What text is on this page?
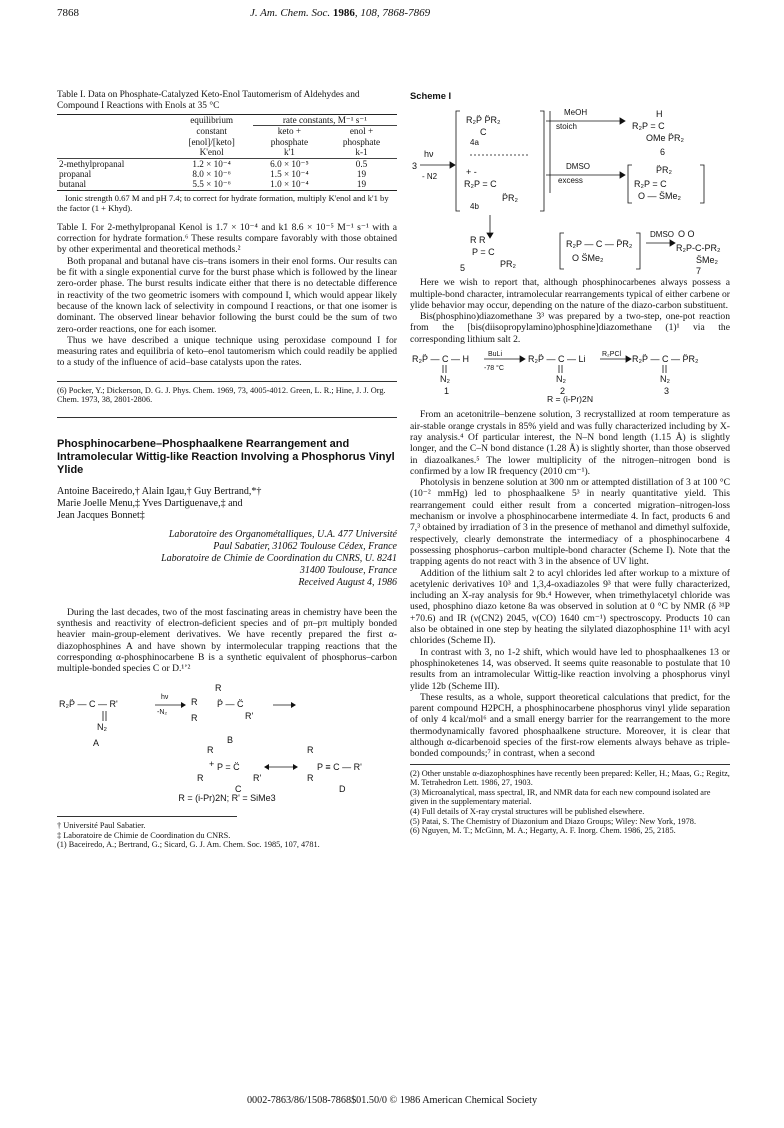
7868	J. Am. Chem. Soc. 1986, 108, 7868-7869
Table I. Data on Phosphate-Catalyzed Keto-Enol Tautomerism of Aldehydes and Compound I Reactions with Enols at 35 °C

	equilibrium	rate constants, M⁻¹ s⁻¹	
	constant	keto +	enol +
	[enol]/[keto]	phosphate	phosphate
	K'enol	k'1	k-1
2-methylpropanal	1.2 × 10⁻⁴	6.0 × 10⁻⁵	0.5
propanal	8.0 × 10⁻⁶	1.5 × 10⁻⁴	19
butanal	5.5 × 10⁻⁶	1.0 × 10⁻⁴	19
Ionic strength 0.67 M and pH 7.4; to correct for hydrate formation, multiply K'enol and k'1 by the factor (1 + Khyd).

Table I. For 2-methylpropanal Kenol is 1.7 × 10⁻⁴ and k1 8.6 × 10⁻⁵ M⁻¹ s⁻¹ with a correction for hydrate formation.⁶ These results compare favorably with those obtained by other experimental and theoretical methods.²

Both propanal and butanal have cis–trans isomers in their enol forms. Our results can be fit with a single exponential curve for the burst phase which is followed by the linear zero-order phase. The burst results indicate either that there is no detectable difference in reactivity of the two geometric isomers with compound I, which would appear likely because of the known lack of selectivity in compound I reactions, or that one isomer is dominant. The observed linear behavior following the burst could be the sum of two zero-order reactions, one for each isomer.

Thus we have described a unique technique using peroxidase compound I for measuring rates and equilibria of keto–enol tautomerism which could readily be applied to a study of the influence of acid–base catalysts upon the rates.

(6) Pocker, Y.; Dickerson, D. G. J. Phys. Chem. 1969, 73, 4005-4012. Green, L. R.; Hine, J. J. Org. Chem. 1973, 38, 2801-2806.
Phosphinocarbene–Phosphaalkene Rearrangement and Intramolecular Wittig-like Reaction Involving a Phosphorus Vinyl Ylide
Antoine Baceiredo,† Alain Igau,† Guy Bertrand,*†
Marie Joelle Menu,‡ Yves Dartiguenave,‡ and
Jean Jacques Bonnet‡
Laboratoire des Organométalliques, U.A. 477 Université
Paul Sabatier, 31062 Toulouse Cédex, France
Laboratoire de Chimie de Coordination du CNRS, U. 8241
31400 Toulouse, France
Received August 4, 1986

During the last decades, two of the most fascinating areas in chemistry have been the synthesis and reactivity of electron-deficient species and of pπ–pπ multiply bonded heavier main-group-element derivatives. We have recently prepared the first α-diazophosphines A and have shown by intermolecular trapping reactions that the corresponding α-phosphinocarbene B is a synthetic equivalent of phosphorus–carbon multiple-bonded species C or D.¹ʼ²

R₂P̈ — C — R'
N₂
A
hν
-N₂
R
R P̈ — C̈
R	R'
B
R
+ P = C̈
R	R'
C
R
P ≡ C — R'
R
D
R = (i-Pr)2N; R' = SiMe3
† Université Paul Sabatier.
‡ Laboratoire de Chimie de Coordination du CNRS.
(1) Baceiredo, A.; Bertrand, G.; Sicard, G. J. Am. Chem. Soc. 1985, 107, 4781.
Scheme I
hν
3
- N2
R₂P̈ P̈R₂
C
4a
+ -
R₂P = C
P̈R₂
4b
MeOH
stoich
DMSO
excess
R₂P = C
H
OMe P̈R₂
6
P̈R₂
R₂P = C
O — S̈Me₂
R R
P = C
PR₂
5
R₂P — C — P̈R₂
O S̈Me₂
DMSO O O
R₂P-C-PR₂
S̈Me₂
7

Here we wish to report that, although phosphinocarbenes always possess a multiple-bond character, intramolecular rearrangements typical of either carbene or ylide behavior may occur, depending on the nature of the diazo-carbon substituent.

Bis(phosphino)diazomethane 3³ was prepared by a two-step, one-pot reaction from the [bis(diisopropylamino)phosphine]diazomethane (1)¹ via the corresponding lithium salt 2.

R₂P̈ — C — H	BuLi
-78 °C
R₂P̈ — C — Li R₂PCl R₂P̈ — C — P̈R₂
N₂	N₂	N₂
1	2	3
R = (i-Pr)2N

From an acetonitrile–benzene solution, 3 recrystallized at room temperature as air-stable orange crystals in 85% yield and was fully characterized including by X-ray analysis.⁴ Of particular interest, the N–N bond length (1.15 Å) is slightly longer, and the C–N bond distance (1.28 Å) is slightly shorter, than those observed in diazoalkanes.⁵ The lower multiplicity of the nitrogen–nitrogen bond is confirmed by a low IR frequency (2010 cm⁻¹).

Photolysis in benzene solution at 300 nm or attempted distillation of 3 at 100 °C (10⁻² mmHg) led to phosphaalkene 5³ in nearly quantitative yield. This rearrangement could either result from a concerted migration–nitrogen-loss mechanism or involve a phosphinocarbene intermediate 4. In fact, products 6 and 7,³ obtained by irradiation of 3 in the presence of methanol and dimethyl sulfoxide, respectively, clearly demonstrate the intermediacy of a phosphinocarbene 4 possessing phosphorus–carbon multiple-bond character (Scheme I). Note that the trapping agents do not react with 3 in the absence of UV light.

Addition of the lithium salt 2 to acyl chlorides led after workup to a mixture of acetylenic derivatives 10³ and 1,3,4-oxadiazoles 9³ that were fully characterized, including an X-ray analysis for 9b.⁴ However, when trimethylacetyl chloride was used, phosphino diazo ketone 8a was observed in solution at 0 °C by NMR (δ ³¹P +70.6) and IR (ν(CN2) 2045, ν(CO) 1640 cm⁻¹) spectroscopy. Products 10 can also be obtained in one step by heating the silylated diazophosphine 11¹ with acyl chlorides (Scheme II).

In contrast with 3, no 1-2 shift, which would have led to phosphaalkenes 13 or phosphinoketenes 14, was observed. It seems quite reasonable to postulate that 10 results from an intramolecular Wittig-like reaction involving a phosphorus vinyl ylide 12b (Scheme III).

These results, as a whole, support theoretical calculations that predict, for the parent compound H2PCH, a phosphinocarbene phosphorus vinyl ylide separation of only 4 kcal/mol⁶ and a small energy barrier for the rearrangement to the more thermodynamically favored phosphaalkene structure. Moreover, it is clear that although α-dicarbenoid species of the first-row elements always behave as triple-bonded compounds;⁷ in contrast, when a second

(2) Other unstable α-diazophosphines have recently been prepared: Keller, H.; Maas, G.; Regitz, M. Tetrahedron Lett. 1986, 27, 1903.
(3) Microanalytical, mass spectral, IR, and NMR data for each new compound isolated are given in the supplementary material.
(4) Full details of X-ray crystal structures will be published elsewhere.
(5) Patai, S. The Chemistry of Diazonium and Diazo Groups; Wiley: New York, 1978.
(6) Nguyen, M. T.; McGinn, M. A.; Hegarty, A. F. Inorg. Chem. 1986, 25, 2185.
0002-7863/86/1508-7868$01.50/0 © 1986 American Chemical Society
